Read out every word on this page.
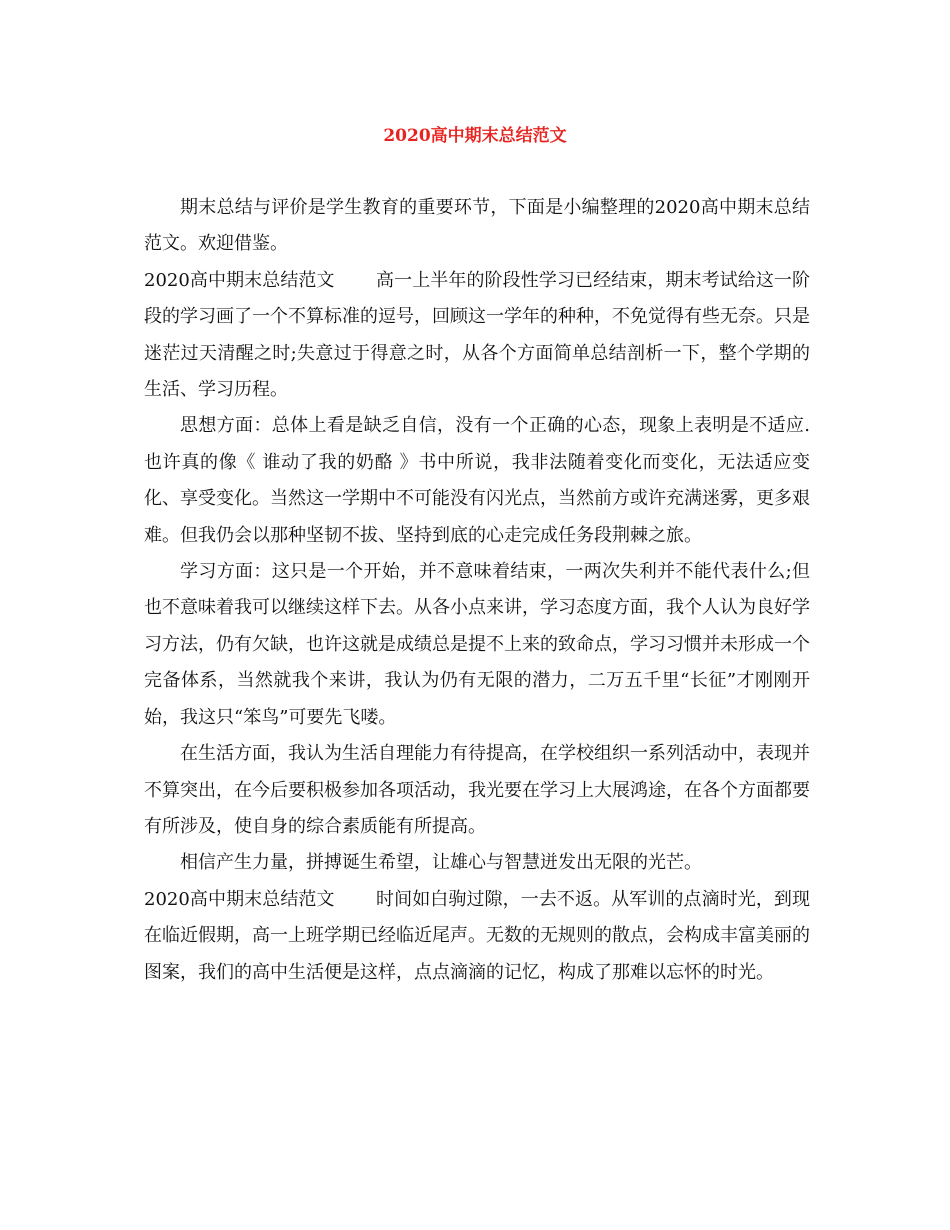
2020高中期末总结范文

期末总结与评价是学生教育的重要环节，下面是小编整理的2020高中期末总结范文。欢迎借鉴。

2020高中期末总结范文 高一上半年的阶段性学习已经结束，期末考试给这一阶段的学习画了一个不算标准的逗号，回顾这一学年的种种，不免觉得有些无奈。只是迷茫过天清醒之时;失意过于得意之时，从各个方面简单总结剖析一下，整个学期的生活、学习历程。

思想方面：总体上看是缺乏自信，没有一个正确的心态，现象上表明是不适应.也许真的像《 谁动了我的奶酪 》书中所说，我非法随着变化而变化，无法适应变化、享受变化。当然这一学期中不可能没有闪光点，当然前方或许充满迷雾，更多艰难。但我仍会以那种坚韧不拔、坚持到底的心走完成任务段荆棘之旅。

学习方面：这只是一个开始，并不意味着结束，一两次失利并不能代表什么;但也不意味着我可以继续这样下去。从各小点来讲，学习态度方面，我个人认为良好学习方法，仍有欠缺，也许这就是成绩总是提不上来的致命点，学习习惯并未形成一个完备体系，当然就我个来讲，我认为仍有无限的潜力，二万五千里“长征”才刚刚开始，我这只“笨鸟”可要先飞喽。

在生活方面，我认为生活自理能力有待提高，在学校组织一系列活动中，表现并不算突出，在今后要积极参加各项活动，我光要在学习上大展鸿途，在各个方面都要有所涉及，使自身的综合素质能有所提高。

相信产生力量，拼搏诞生希望，让雄心与智慧迸发出无限的光芒。

2020高中期末总结范文 时间如白驹过隙，一去不返。从军训的点滴时光，到现在临近假期，高一上班学期已经临近尾声。无数的无规则的散点，会构成丰富美丽的图案，我们的高中生活便是这样，点点滴滴的记忆，构成了那难以忘怀的时光。
